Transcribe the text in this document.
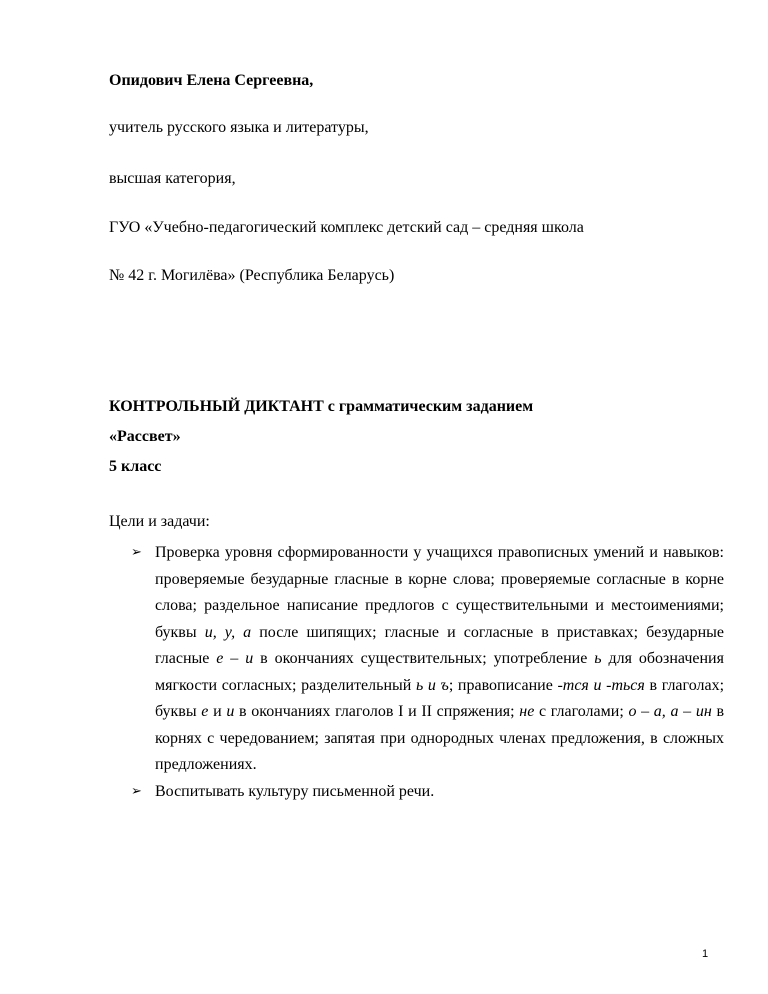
Опидович Елена Сергеевна,
учитель русского языка и литературы,
высшая категория,
ГУО «Учебно-педагогический комплекс детский сад – средняя школа
№ 42 г. Могилёва» (Республика Беларусь)
КОНТРОЛЬНЫЙ ДИКТАНТ с грамматическим заданием
«Рассвет»
5 класс
Цели и задачи:
➢ Проверка уровня сформированности у учащихся правописных умений и навыков: проверяемые безударные гласные в корне слова; проверяемые согласные в корне слова; раздельное написание предлогов с существительными и местоимениями; буквы и, у, а после шипящих; гласные и согласные в приставках; безударные гласные е – и в окончаниях существительных; употребление ь для обозначения мягкости согласных; разделительный ь и ъ; правописание -тся и -ться в глаголах; буквы е и и в окончаниях глаголов I и II спряжения; не с глаголами; о – а, а – ин в корнях с чередованием; запятая при однородных членах предложения, в сложных предложениях.
➢ Воспитывать культуру письменной речи.
1
